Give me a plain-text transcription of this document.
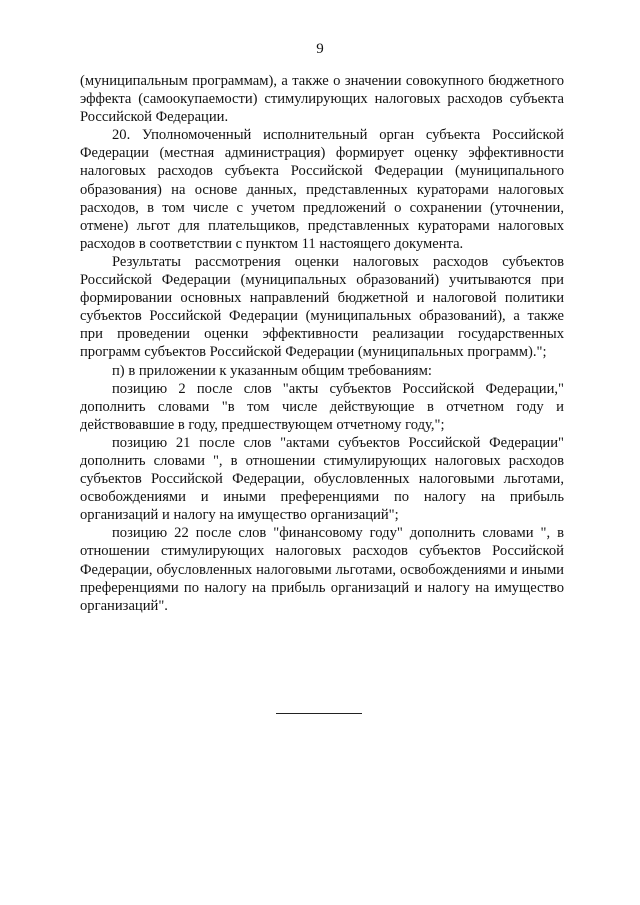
9

(муниципальным программам), а также о значении совокупного бюджетного эффекта (самоокупаемости) стимулирующих налоговых расходов субъекта Российской Федерации.

20. Уполномоченный исполнительный орган субъекта Российской Федерации (местная администрация) формирует оценку эффективности налоговых расходов субъекта Российской Федерации (муниципального образования) на основе данных, представленных кураторами налоговых расходов, в том числе с учетом предложений о сохранении (уточнении, отмене) льгот для плательщиков, представленных кураторами налоговых расходов в соответствии с пунктом 11 настоящего документа.

Результаты рассмотрения оценки налоговых расходов субъектов Российской Федерации (муниципальных образований) учитываются при формировании основных направлений бюджетной и налоговой политики субъектов Российской Федерации (муниципальных образований), а также при проведении оценки эффективности реализации государственных программ субъектов Российской Федерации (муниципальных программ).";

п) в приложении к указанным общим требованиям:

позицию 2 после слов "акты субъектов Российской Федерации," дополнить словами "в том числе действующие в отчетном году и действовавшие в году, предшествующем отчетному году,";

позицию 21 после слов "актами субъектов Российской Федерации" дополнить словами ", в отношении стимулирующих налоговых расходов субъектов Российской Федерации, обусловленных налоговыми льготами, освобождениями и иными преференциями по налогу на прибыль организаций и налогу на имущество организаций";

позицию 22 после слов "финансовому году" дополнить словами ", в отношении стимулирующих налоговых расходов субъектов Российской Федерации, обусловленных налоговыми льготами, освобождениями и иными преференциями по налогу на прибыль организаций и налогу на имущество организаций".
